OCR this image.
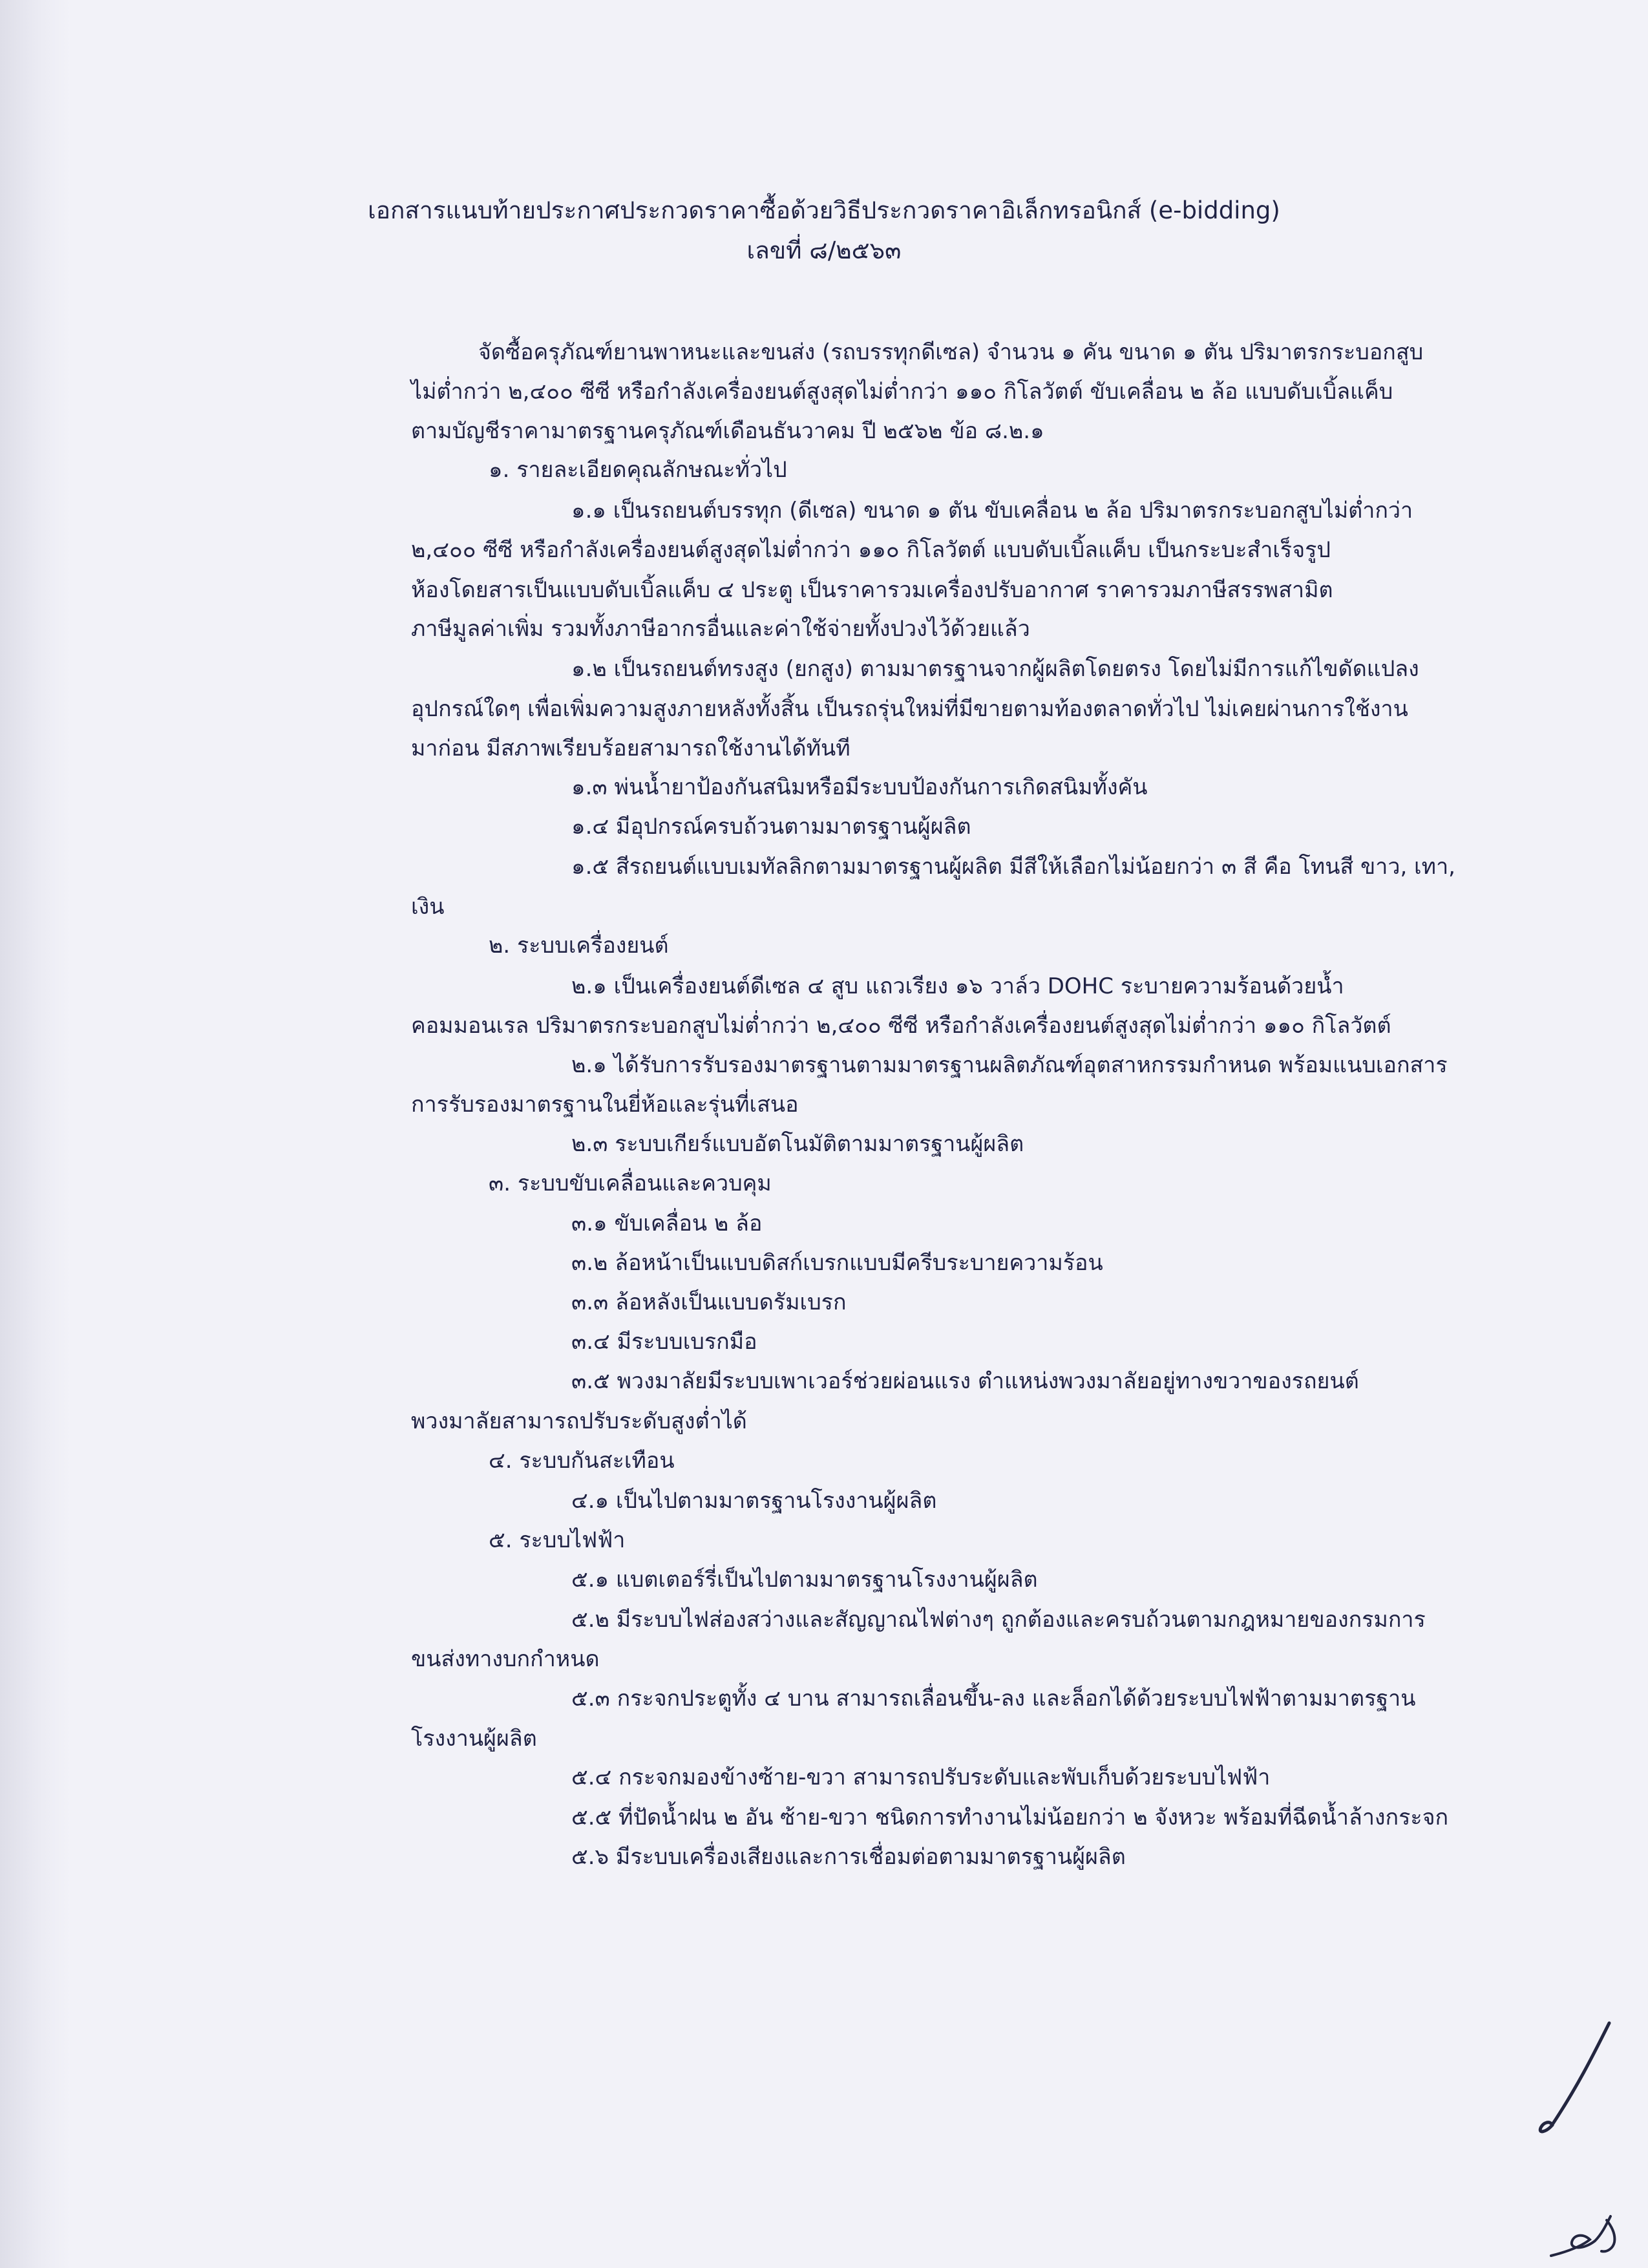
เอกสารแนบท้ายประกาศประกวดราคาซื้อด้วยวิธีประกวดราคาอิเล็กทรอนิกส์ (e-bidding)
เลขที่ ๘/๒๕๖๓
จัดซื้อครุภัณฑ์ยานพาหนะและขนส่ง (รถบรรทุกดีเซล) จำนวน ๑ คัน ขนาด ๑ ตัน ปริมาตรกระบอกสูบ
ไม่ต่ำกว่า ๒,๔๐๐ ซีซี หรือกำลังเครื่องยนต์สูงสุดไม่ต่ำกว่า ๑๑๐ กิโลวัตต์ ขับเคลื่อน ๒ ล้อ แบบดับเบิ้ลแค็บ
ตามบัญชีราคามาตรฐานครุภัณฑ์เดือนธันวาคม ปี ๒๕๖๒ ข้อ ๘.๒.๑
๑. รายละเอียดคุณลักษณะทั่วไป
๑.๑ เป็นรถยนต์บรรทุก (ดีเซล) ขนาด ๑ ตัน ขับเคลื่อน ๒ ล้อ ปริมาตรกระบอกสูบไม่ต่ำกว่า
๒,๔๐๐ ซีซี หรือกำลังเครื่องยนต์สูงสุดไม่ต่ำกว่า ๑๑๐ กิโลวัตต์ แบบดับเบิ้ลแค็บ เป็นกระบะสำเร็จรูป
ห้องโดยสารเป็นแบบดับเบิ้ลแค็บ ๔ ประตู เป็นราคารวมเครื่องปรับอากาศ ราคารวมภาษีสรรพสามิต
ภาษีมูลค่าเพิ่ม รวมทั้งภาษีอากรอื่นและค่าใช้จ่ายทั้งปวงไว้ด้วยแล้ว
๑.๒ เป็นรถยนต์ทรงสูง (ยกสูง) ตามมาตรฐานจากผู้ผลิตโดยตรง โดยไม่มีการแก้ไขดัดแปลง
อุปกรณ์ใดๆ เพื่อเพิ่มความสูงภายหลังทั้งสิ้น เป็นรถรุ่นใหม่ที่มีขายตามท้องตลาดทั่วไป ไม่เคยผ่านการใช้งาน
มาก่อน มีสภาพเรียบร้อยสามารถใช้งานได้ทันที
๑.๓ พ่นน้ำยาป้องกันสนิมหรือมีระบบป้องกันการเกิดสนิมทั้งคัน
๑.๔ มีอุปกรณ์ครบถ้วนตามมาตรฐานผู้ผลิต
๑.๕ สีรถยนต์แบบเมทัลลิกตามมาตรฐานผู้ผลิต มีสีให้เลือกไม่น้อยกว่า ๓ สี คือ โทนสี ขาว, เทา,
เงิน
๒. ระบบเครื่องยนต์
๒.๑ เป็นเครื่องยนต์ดีเซล ๔ สูบ แถวเรียง ๑๖ วาล์ว DOHC ระบายความร้อนด้วยน้ำ
คอมมอนเรล ปริมาตรกระบอกสูบไม่ต่ำกว่า ๒,๔๐๐ ซีซี หรือกำลังเครื่องยนต์สูงสุดไม่ต่ำกว่า ๑๑๐ กิโลวัตต์
๒.๑ ได้รับการรับรองมาตรฐานตามมาตรฐานผลิตภัณฑ์อุตสาหกรรมกำหนด พร้อมแนบเอกสาร
การรับรองมาตรฐานในยี่ห้อและรุ่นที่เสนอ
๒.๓ ระบบเกียร์แบบอัตโนมัติตามมาตรฐานผู้ผลิต
๓. ระบบขับเคลื่อนและควบคุม
๓.๑ ขับเคลื่อน ๒ ล้อ
๓.๒ ล้อหน้าเป็นแบบดิสก์เบรกแบบมีครีบระบายความร้อน
๓.๓ ล้อหลังเป็นแบบดรัมเบรก
๓.๔ มีระบบเบรกมือ
๓.๕ พวงมาลัยมีระบบเพาเวอร์ช่วยผ่อนแรง ตำแหน่งพวงมาลัยอยู่ทางขวาของรถยนต์
พวงมาลัยสามารถปรับระดับสูงต่ำได้
๔. ระบบกันสะเทือน
๔.๑ เป็นไปตามมาตรฐานโรงงานผู้ผลิต
๕. ระบบไฟฟ้า
๕.๑ แบตเตอร์รี่เป็นไปตามมาตรฐานโรงงานผู้ผลิต
๕.๒ มีระบบไฟส่องสว่างและสัญญาณไฟต่างๆ ถูกต้องและครบถ้วนตามกฎหมายของกรมการ
ขนส่งทางบกกำหนด
๕.๓ กระจกประตูทั้ง ๔ บาน สามารถเลื่อนขึ้น-ลง และล็อกได้ด้วยระบบไฟฟ้าตามมาตรฐาน
โรงงานผู้ผลิต
๕.๔ กระจกมองข้างซ้าย-ขวา สามารถปรับระดับและพับเก็บด้วยระบบไฟฟ้า
๕.๕ ที่ปัดน้ำฝน ๒ อัน ซ้าย-ขวา ชนิดการทำงานไม่น้อยกว่า ๒ จังหวะ พร้อมที่ฉีดน้ำล้างกระจก
๕.๖ มีระบบเครื่องเสียงและการเชื่อมต่อตามมาตรฐานผู้ผลิต
